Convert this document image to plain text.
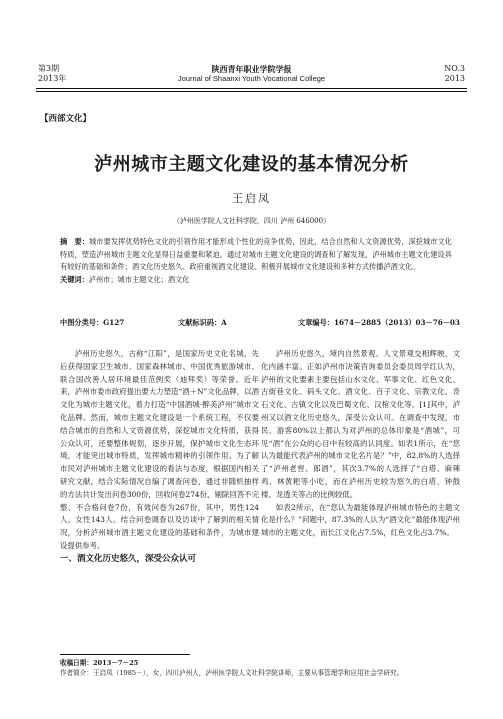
第3期
2013年
陕西青年职业学院学报
Journal of Shaanxi Youth Vocational College
NO.3
2013
【西部文化】
泸州城市主题文化建设的基本情况分析
王启凤
（泸州医学院人文社科学院，四川 泸州 646000）
摘　要：城市要发挥优势特色文化的引领作用才能形成个性化的竞争优势，因此，结合自然和人文资源优势，深挖城市文化特质，塑造泸州城市主题文化显得日益重要和紧迫。通过对城市主题文化建设的调查和了解发现，泸州城市主题文化建设具有较好的基础和条件；酒文化历史悠久、政府重视酒文化建设、积极开展城市文化建设和多种方式传播泸酒文化。
关键词：泸州市；城市主题文化；酒文化
中图分类号：G127	文献标识码：A	文章编号：1674－2885（2013）03－76－03

泸州历史悠久，古称“江阳”，是国家历史文化名城，先后获得国家卫生城市、国家森林城市、中国优秀旅游城市、联合国改善人居环境最佳范例奖（迪拜奖）等荣誉。近年来，泸州市委市政府提出要大力塑造“酒＋N”文化品牌，以酒文化为城市主题文化，着力打造“中国酒城·醉美泸州”城市文化品牌。然而，城市主题文化建设是一个系统工程，不仅要结合城市的自然和人文资源优势，深挖城市文化特质，获得公众认可，还要整体规划，逐步开展，保护城市文化生态环境，才能突出城市特质，发挥城市精神的引领作用。为了解市民对泸州城市主题文化建设的看法与态度，根据国内相关研究文献，结合实际情况自编了调查问卷，通过非随机抽样的方法共计发出问卷300份，回收问卷274份，剔除回答不完整、不合格问卷7份，有效问卷为267份，其中，男性124人，女性143人。结合问卷调查以及访谈中了解到的相关情况，分析泸州城市酒主题文化建设的基础和条件，为城市建设提供参考。

一、酒文化历史悠久，深受公众认可

泸州历史悠久，境内自然景观、人文景观交相辉映，文化内涵丰富。正如泸州市决策咨询委员会委员周学红认为，泸州的文化要素主要包括山水文化、军事文化、红色文化、古街巷文化、码头文化、酒文化、百子文化、宗教文化、奇石文化、古镇文化以及巴蜀文化、汉棺文化等。[1]其中，泸州又以酒文化历史悠久，深受公众认可。在调查中发现，市民、游客80%以上都认为对泸州的总体印象是“酒城”，可见“酒”在公众的心目中有较高的认同度。如表1所示，在“您认为最能代表泸州的城市文化名片是？”中，82.8%的人选择了“泸州老窖、郎酒”，其次3.7%的人选择了“白塔、麻辣鸡、林黄粑等小吃，而在泸州历史较为悠久的白塔、钟鼓楼、龙透关等占的比例较低。

如表2所示，在“您认为最能体现泸州城市特色的主题文化是什么？”问题中，87.3%的人认为“酒文化”最能体现泸州城市的主题文化，而长江文化占7.5%，红色文化占3.7%。

收稿日期：2013－7－25
作者简介：王启凤（1985－），女，四川泸州人，泸州医学院人文社科学院讲师，主要从事管理学和应用社会学研究。
